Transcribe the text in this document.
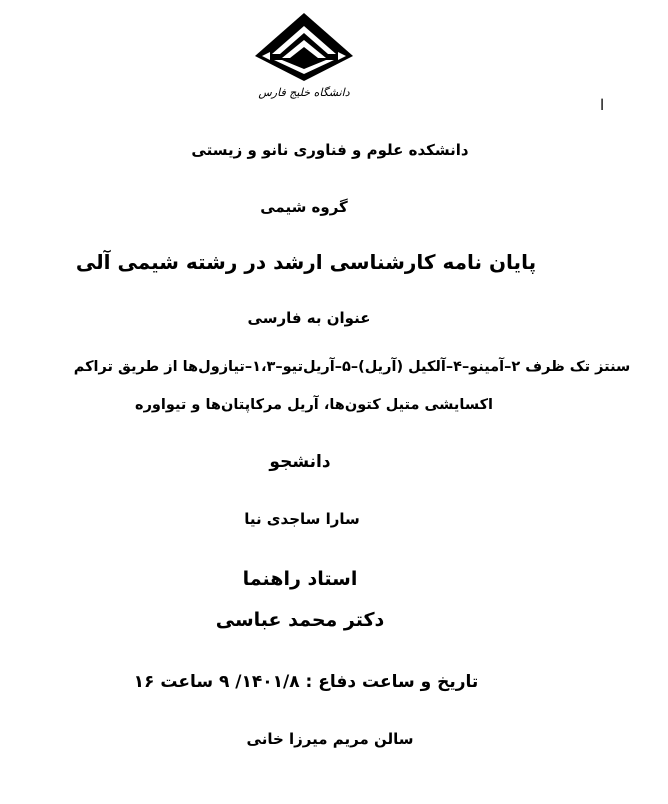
دانشگاه خلیج فارس
ا
دانشکده علوم و فناوری نانو و زیستی
گروه شیمی
پایان نامه کارشناسی ارشد در رشته شیمی آلی
عنوان به فارسی
سنتز تک ظرف ۲–آمینو–۴–آلکیل (آریل)–۵–آریل‌تیو–۱،۳–تیازول‌ها از طریق تراکم
اکسایشی متیل کتون‌ها، آریل مرکاپتان‌ها و تیواوره
دانشجو
سارا ساجدی نیا
استاد راهنما
دکتر محمد عباسی
تاریخ و ساعت دفاع : ۱۴۰۱/۸/ ۹ ساعت ۱۶
سالن مریم میرزا خانی
